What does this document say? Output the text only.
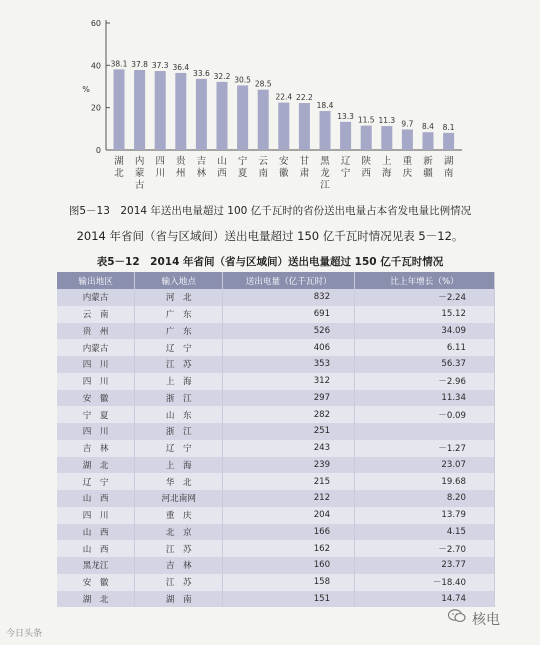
0
20
40
60
%
38.1
湖
北
37.8
内
蒙
古
37.3
四
川
36.4
贵
州
33.6
吉
林
32.2
山
西
30.5
宁
夏
28.5
云
南
22.4
安
徽
22.2
甘
肃
18.4
黑
龙
江
13.3
辽
宁
11.5
陕
西
11.3
上
海
9.7
重
庆
8.4
新
疆
8.1
湖
南
图5－13　2014 年送出电量超过 100 亿千瓦时的省份送出电量占本省发电量比例情况
2014 年省间（省与区域间）送出电量超过 150 亿千瓦时情况见表 5－12。
表5－12　2014 年省间（省与区域间）送出电量超过 150 亿千瓦时情况
输出地区	输入地点	送出电量（亿千瓦时）	比上年增长（%）
内蒙古	河　北	832	－2.24
云　南	广　东	691	15.12
贵　州	广　东	526	34.09
内蒙古	辽　宁	406	6.11
四　川	江　苏	353	56.37
四　川	上　海	312	－2.96
安　徽	浙　江	297	11.34
宁　夏	山　东	282	－0.09
四　川	浙　江	251	
吉　林	辽　宁	243	－1.27
湖　北	上　海	239	23.07
辽　宁	华　北	215	19.68
山　西	河北南网	212	8.20
四　川	重　庆	204	13.79
山　西	北　京	166	4.15
山　西	江　苏	162	－2.70
黑龙江	吉　林	160	23.77
安　徽	江　苏	158	－18.40
湖　北	湖　南	151	14.74
今日头条
核电
